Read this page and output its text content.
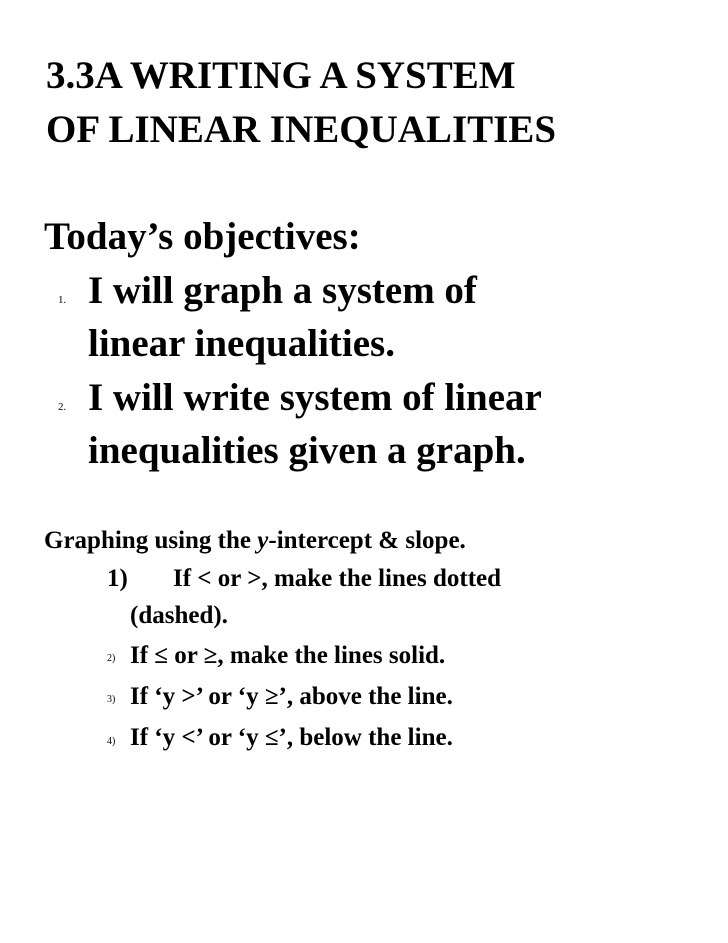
3.3A WRITING A SYSTEM
OF LINEAR INEQUALITIES
Today’s objectives:
1. I will graph a system of
linear inequalities.
2. I will write system of linear
inequalities given a graph.
Graphing using the y-intercept & slope.
1) If < or >, make the lines dotted
(dashed).
2) If ≤ or ≥, make the lines solid.
3) If ‘y >’ or ‘y ≥’, above the line.
4) If ‘y <’ or ‘y ≤’, below the line.
